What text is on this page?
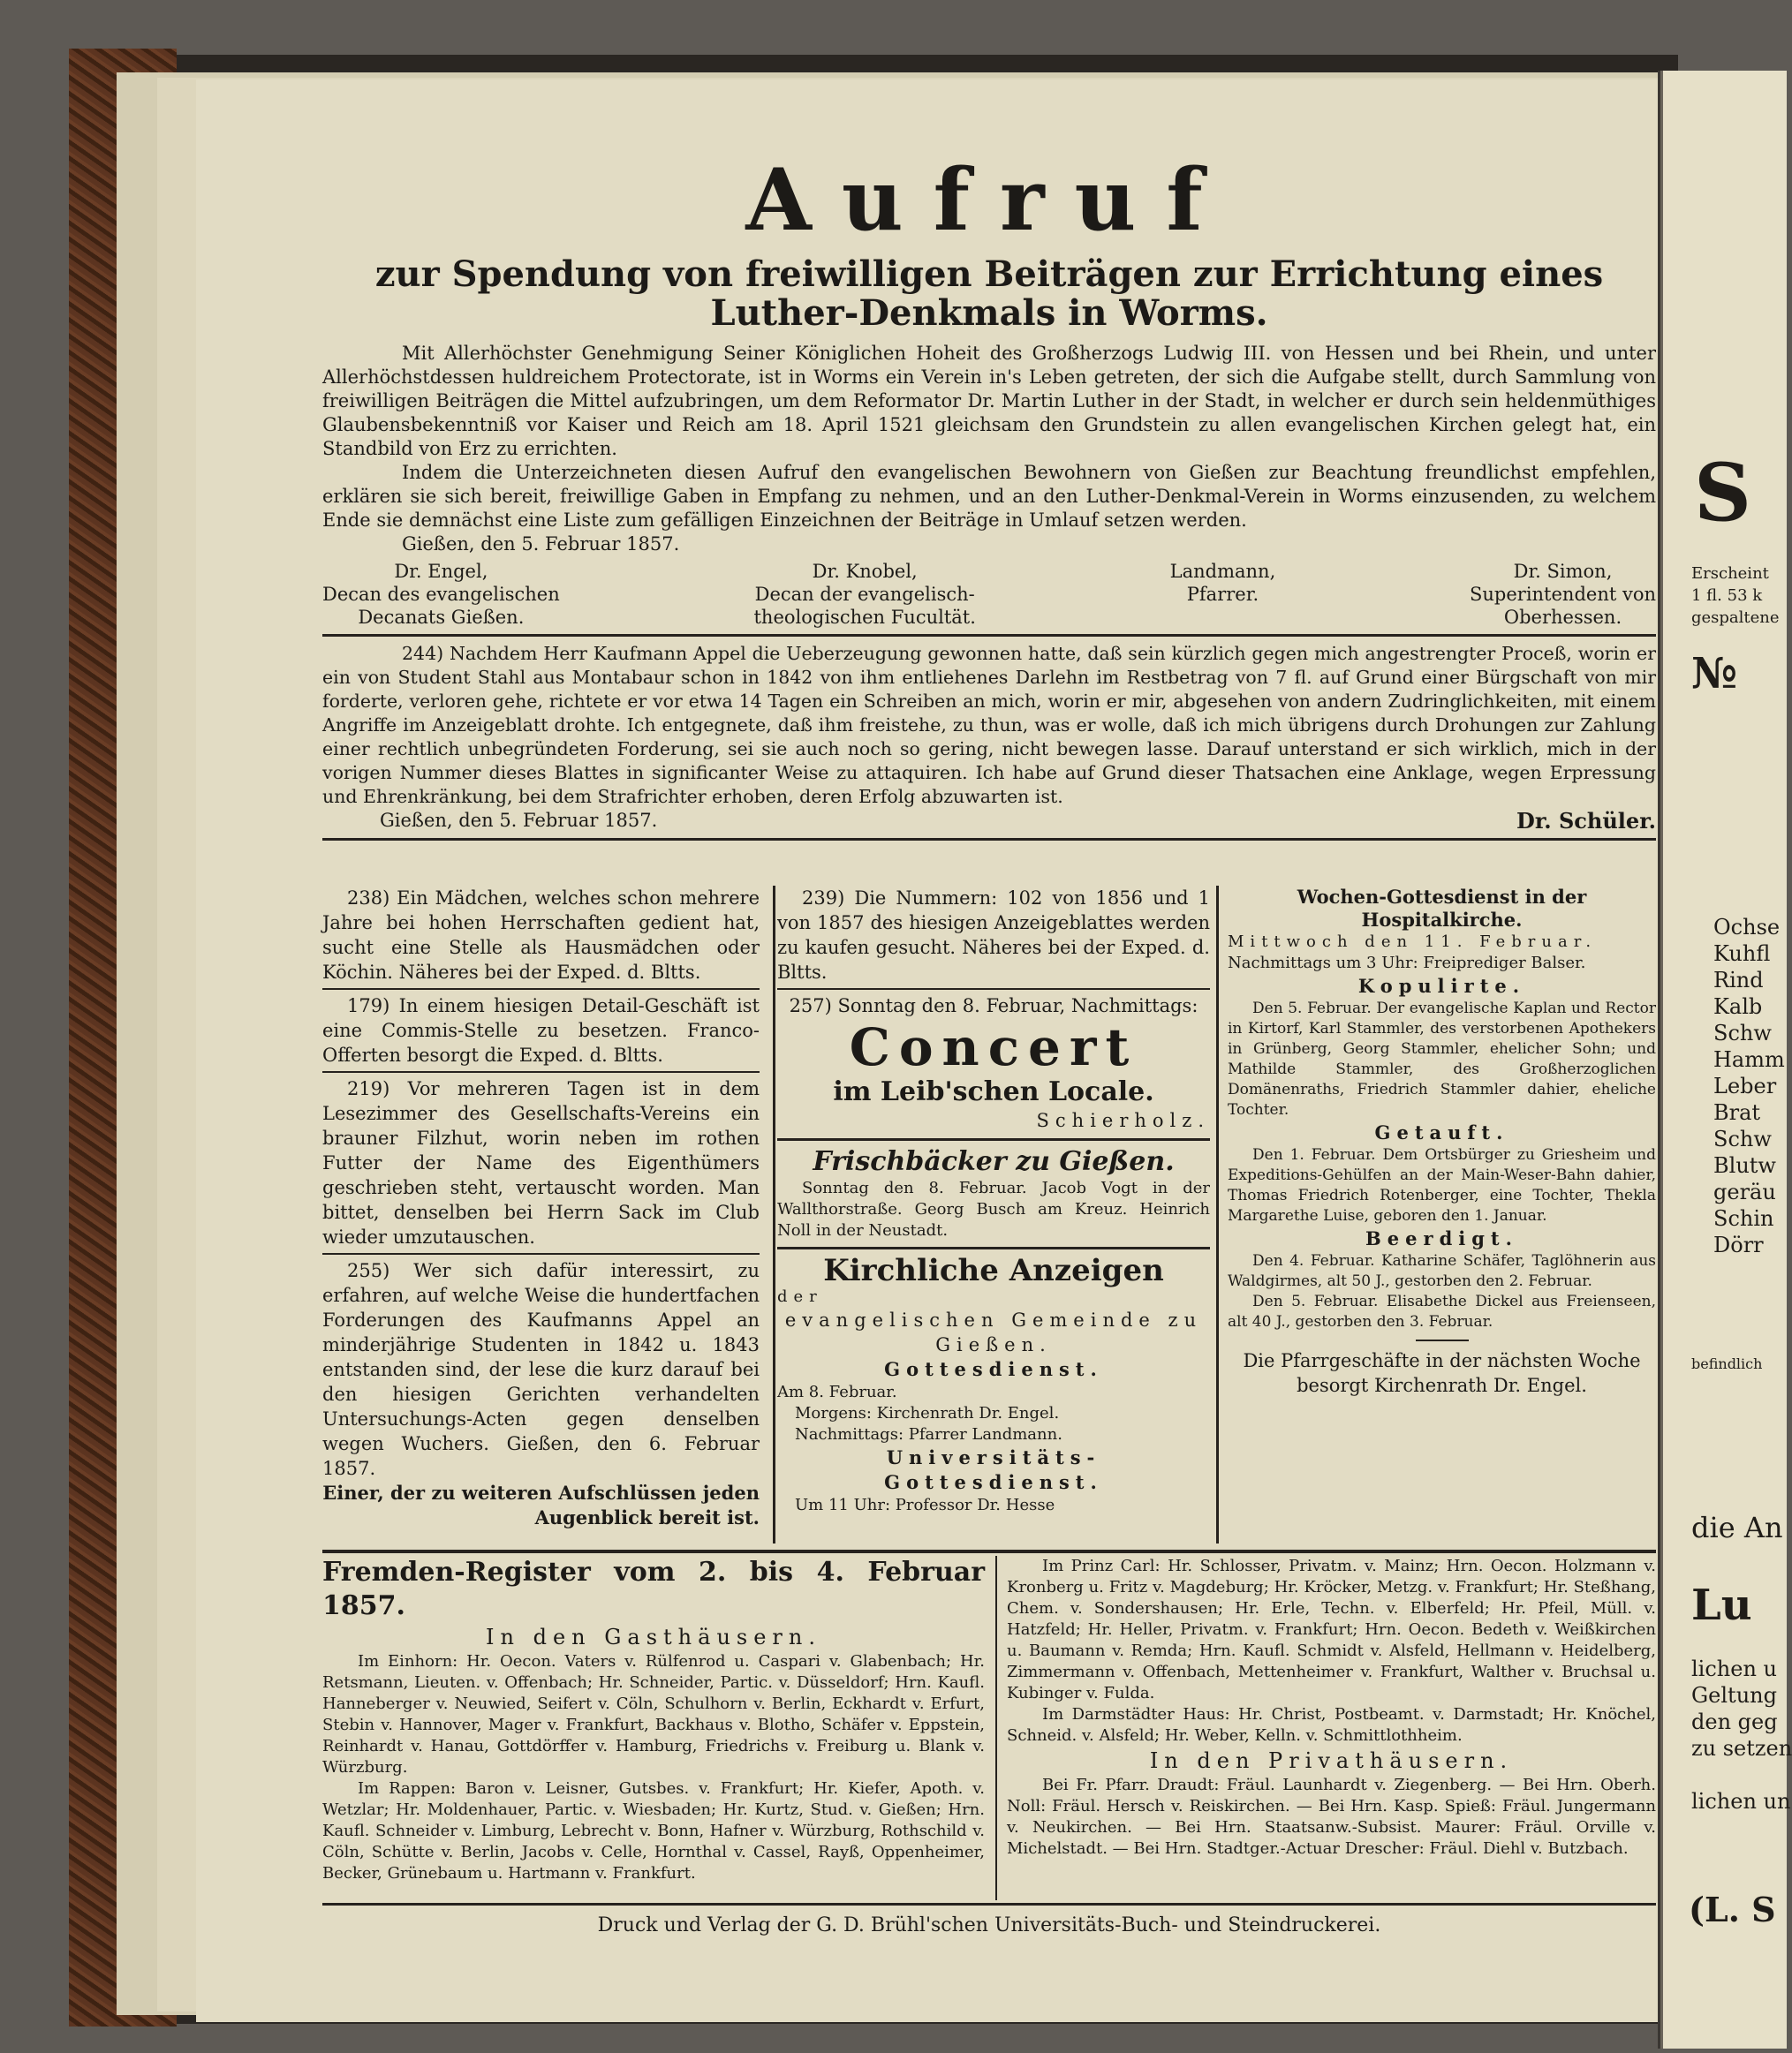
Aufruf
zur Spendung von freiwilligen Beiträgen zur Errichtung eines Luther-Denkmals in Worms.
Mit Allerhöchster Genehmigung Seiner Königlichen Hoheit des Großherzogs Ludwig III. von Hessen und bei Rhein, und unter Allerhöchstdessen huldreichem Protectorate, ist in Worms ein Verein in's Leben getreten, der sich die Aufgabe stellt, durch Sammlung von freiwilligen Beiträgen die Mittel aufzubringen, um dem Reformator Dr. Martin Luther in der Stadt, in welcher er durch sein heldenmüthiges Glaubensbekenntniß vor Kaiser und Reich am 18. April 1521 gleichsam den Grundstein zu allen evangelischen Kirchen gelegt hat, ein Standbild von Erz zu errichten.
Indem die Unterzeichneten diesen Aufruf den evangelischen Bewohnern von Gießen zur Beachtung freundlichst empfehlen, erklären sie sich bereit, freiwillige Gaben in Empfang zu nehmen, und an den Luther-Denkmal-Verein in Worms einzusenden, zu welchem Ende sie demnächst eine Liste zum gefälligen Einzeichnen der Beiträge in Umlauf setzen werden.
Gießen, den 5. Februar 1857.
Dr. Engel,
Decan des evangelischen
Decanats Gießen.
Dr. Knobel,
Decan der evangelisch-
theologischen Fucultät.
Landmann,
Pfarrer.
Dr. Simon,
Superintendent von
Oberhessen.
244) Nachdem Herr Kaufmann Appel die Ueberzeugung gewonnen hatte, daß sein kürzlich gegen mich angestrengter Proceß, worin er ein von Student Stahl aus Montabaur schon in 1842 von ihm entliehenes Darlehn im Restbetrag von 7 fl. auf Grund einer Bürgschaft von mir forderte, verloren gehe, richtete er vor etwa 14 Tagen ein Schreiben an mich, worin er mir, abgesehen von andern Zudringlichkeiten, mit einem Angriffe im Anzeigeblatt drohte. Ich entgegnete, daß ihm freistehe, zu thun, was er wolle, daß ich mich übrigens durch Drohungen zur Zahlung einer rechtlich unbegründeten Forderung, sei sie auch noch so gering, nicht bewegen lasse. Darauf unterstand er sich wirklich, mich in der vorigen Nummer dieses Blattes in significanter Weise zu attaquiren. Ich habe auf Grund dieser Thatsachen eine Anklage, wegen Erpressung und Ehrenkränkung, bei dem Strafrichter erhoben, deren Erfolg abzuwarten ist.
Gießen, den 5. Februar 1857.	Dr. Schüler.
238) Ein Mädchen, welches schon mehrere Jahre bei hohen Herrschaften gedient hat, sucht eine Stelle als Hausmädchen oder Köchin. Näheres bei der Exped. d. Bltts.
179) In einem hiesigen Detail-Geschäft ist eine Commis-Stelle zu besetzen. Franco-Offerten besorgt die Exped. d. Bltts.
219) Vor mehreren Tagen ist in dem Lesezimmer des Gesellschafts-Vereins ein brauner Filzhut, worin neben im rothen Futter der Name des Eigenthümers geschrieben steht, vertauscht worden. Man bittet, denselben bei Herrn Sack im Club wieder umzutauschen.
255) Wer sich dafür interessirt, zu erfahren, auf welche Weise die hundertfachen Forderungen des Kaufmanns Appel an minderjährige Studenten in 1842 u. 1843 entstanden sind, der lese die kurz darauf bei den hiesigen Gerichten verhandelten Untersuchungs-Acten gegen denselben wegen Wuchers. Gießen, den 6. Februar 1857.
Einer, der zu weiteren Aufschlüssen jeden Augenblick bereit ist.
239) Die Nummern: 102 von 1856 und 1 von 1857 des hiesigen Anzeigeblattes werden zu kaufen gesucht. Näheres bei der Exped. d. Bltts.
257) Sonntag den 8. Februar, Nachmittags:
Concert
im Leib'schen Locale.
Schierholz.
Frischbäcker zu Gießen.
Sonntag den 8. Februar. Jacob Vogt in der Wallthorstraße. Georg Busch am Kreuz. Heinrich Noll in der Neustadt.
Kirchliche Anzeigen
der
evangelischen Gemeinde zu Gießen.
Gottesdienst.
Am 8. Februar.
Morgens: Kirchenrath Dr. Engel.
Nachmittags: Pfarrer Landmann.
Universitäts-Gottesdienst.
Um 11 Uhr: Professor Dr. Hesse
Wochen-Gottesdienst in der Hospitalkirche.
Mittwoch den 11. Februar.
Nachmittags um 3 Uhr: Freiprediger Balser.
Kopulirte.
Den 5. Februar. Der evangelische Kaplan und Rector in Kirtorf, Karl Stammler, des verstorbenen Apothekers in Grünberg, Georg Stammler, ehelicher Sohn; und Mathilde Stammler, des Großherzoglichen Domänenraths, Friedrich Stammler dahier, eheliche Tochter.
Getauft.
Den 1. Februar. Dem Ortsbürger zu Griesheim und Expeditions-Gehülfen an der Main-Weser-Bahn dahier, Thomas Friedrich Rotenberger, eine Tochter, Thekla Margarethe Luise, geboren den 1. Januar.
Beerdigt.
Den 4. Februar. Katharine Schäfer, Taglöhnerin aus Waldgirmes, alt 50 J., gestorben den 2. Februar.
Den 5. Februar. Elisabethe Dickel aus Freienseen, alt 40 J., gestorben den 3. Februar.
Die Pfarrgeschäfte in der nächsten Woche besorgt Kirchenrath Dr. Engel.
Fremden-Register vom 2. bis 4. Februar 1857.
In den Gasthäusern.
Im Einhorn: Hr. Oecon. Vaters v. Rülfenrod u. Caspari v. Glabenbach; Hr. Retsmann, Lieuten. v. Offenbach; Hr. Schneider, Partic. v. Düsseldorf; Hrn. Kaufl. Hanneberger v. Neuwied, Seifert v. Cöln, Schulhorn v. Berlin, Eckhardt v. Erfurt, Stebin v. Hannover, Mager v. Frankfurt, Backhaus v. Blotho, Schäfer v. Eppstein, Reinhardt v. Hanau, Gottdörffer v. Hamburg, Friedrichs v. Freiburg u. Blank v. Würzburg.
Im Rappen: Baron v. Leisner, Gutsbes. v. Frankfurt; Hr. Kiefer, Apoth. v. Wetzlar; Hr. Moldenhauer, Partic. v. Wiesbaden; Hr. Kurtz, Stud. v. Gießen; Hrn. Kaufl. Schneider v. Limburg, Lebrecht v. Bonn, Hafner v. Würzburg, Rothschild v. Cöln, Schütte v. Berlin, Jacobs v. Celle, Hornthal v. Cassel, Rayß, Oppenheimer, Becker, Grünebaum u. Hartmann v. Frankfurt.
Im Prinz Carl: Hr. Schlosser, Privatm. v. Mainz; Hrn. Oecon. Holzmann v. Kronberg u. Fritz v. Magdeburg; Hr. Kröcker, Metzg. v. Frankfurt; Hr. Steßhang, Chem. v. Sondershausen; Hr. Erle, Techn. v. Elberfeld; Hr. Pfeil, Müll. v. Hatzfeld; Hr. Heller, Privatm. v. Frankfurt; Hrn. Oecon. Bedeth v. Weißkirchen u. Baumann v. Remda; Hrn. Kaufl. Schmidt v. Alsfeld, Hellmann v. Heidelberg, Zimmermann v. Offenbach, Mettenheimer v. Frankfurt, Walther v. Bruchsal u. Kubinger v. Fulda.
Im Darmstädter Haus: Hr. Christ, Postbeamt. v. Darmstadt; Hr. Knöchel, Schneid. v. Alsfeld; Hr. Weber, Kelln. v. Schmittlothheim.
In den Privathäusern.
Bei Fr. Pfarr. Draudt: Fräul. Launhardt v. Ziegenberg. — Bei Hrn. Oberh. Noll: Fräul. Hersch v. Reiskirchen. — Bei Hrn. Kasp. Spieß: Fräul. Jungermann v. Neukirchen. — Bei Hrn. Staatsanw.-Subsist. Maurer: Fräul. Orville v. Michelstadt. — Bei Hrn. Stadtger.-Actuar Drescher: Fräul. Diehl v. Butzbach.
Druck und Verlag der G. D. Brühl'schen Universitäts-Buch- und Steindruckerei.
S
Erscheint
1 fl. 53 k
gespaltene
№
Ochse
Kuhfl
Rind
Kalb
Schw
Hamm
Leber
Brat
Schw
Blutw
geräu
Schin
Dörr
befindlich
die An
Lu
lichen u
Geltung
den geg
zu setzen
lichen un
(L. S
